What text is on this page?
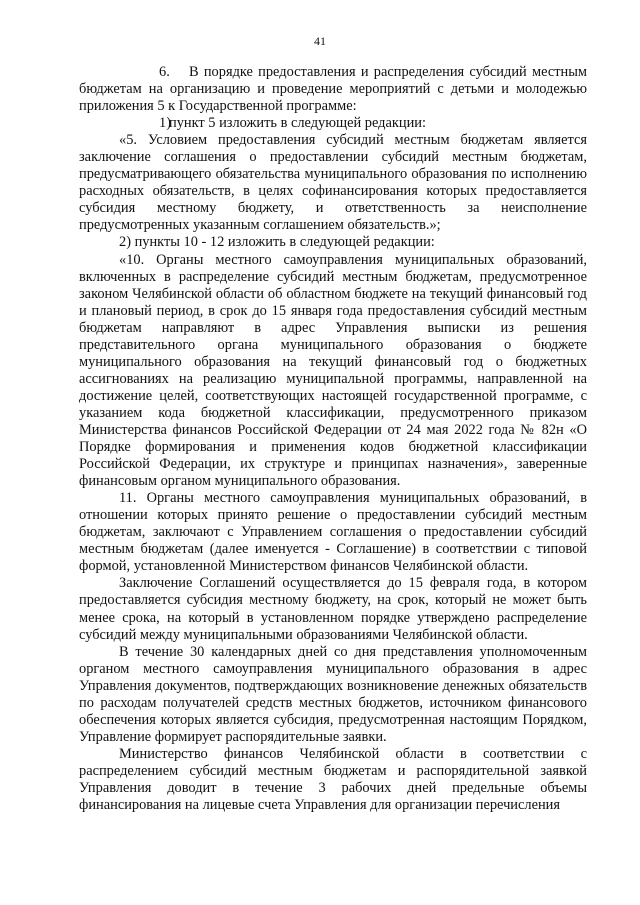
41

6. В порядке предоставления и распределения субсидий местным бюджетам на организацию и проведение мероприятий с детьми и молодежью приложения 5 к Государственной программе:

1)пункт 5 изложить в следующей редакции:

«5. Условием предоставления субсидий местным бюджетам является заключение соглашения о предоставлении субсидий местным бюджетам, предусматривающего обязательства муниципального образования по исполнению расходных обязательств, в целях софинансирования которых предоставляется субсидия местному бюджету, и ответственность за неисполнение предусмотренных указанным соглашением обязательств.»;

2) пункты 10 - 12 изложить в следующей редакции:

«10. Органы местного самоуправления муниципальных образований, включенных в распределение субсидий местным бюджетам, предусмотренное законом Челябинской области об областном бюджете на текущий финансовый год и плановый период, в срок до 15 января года предоставления субсидий местным бюджетам направляют в адрес Управления выписки из решения представительного органа муниципального образования о бюджете муниципального образования на текущий финансовый год о бюджетных ассигнованиях на реализацию муниципальной программы, направленной на достижение целей, соответствующих настоящей государственной программе, с указанием кода бюджетной классификации, предусмотренного приказом Министерства финансов Российской Федерации от 24 мая 2022 года № 82н «О Порядке формирования и применения кодов бюджетной классификации Российской Федерации, их структуре и принципах назначения», заверенные финансовым органом муниципального образования.

11. Органы местного самоуправления муниципальных образований, в отношении которых принято решение о предоставлении субсидий местным бюджетам, заключают с Управлением соглашения о предоставлении субсидий местным бюджетам (далее именуется - Соглашение) в соответствии с типовой формой, установленной Министерством финансов Челябинской области.

Заключение Соглашений осуществляется до 15 февраля года, в котором предоставляется субсидия местному бюджету, на срок, который не может быть менее срока, на который в установленном порядке утверждено распределение субсидий между муниципальными образованиями Челябинской области.

В течение 30 календарных дней со дня представления уполномоченным органом местного самоуправления муниципального образования в адрес Управления документов, подтверждающих возникновение денежных обязательств по расходам получателей средств местных бюджетов, источником финансового обеспечения которых является субсидия, предусмотренная настоящим Порядком, Управление формирует распорядительные заявки.

Министерство финансов Челябинской области в соответствии с распределением субсидий местным бюджетам и распорядительной заявкой Управления доводит в течение 3 рабочих дней предельные объемы финансирования на лицевые счета Управления для организации перечисления
